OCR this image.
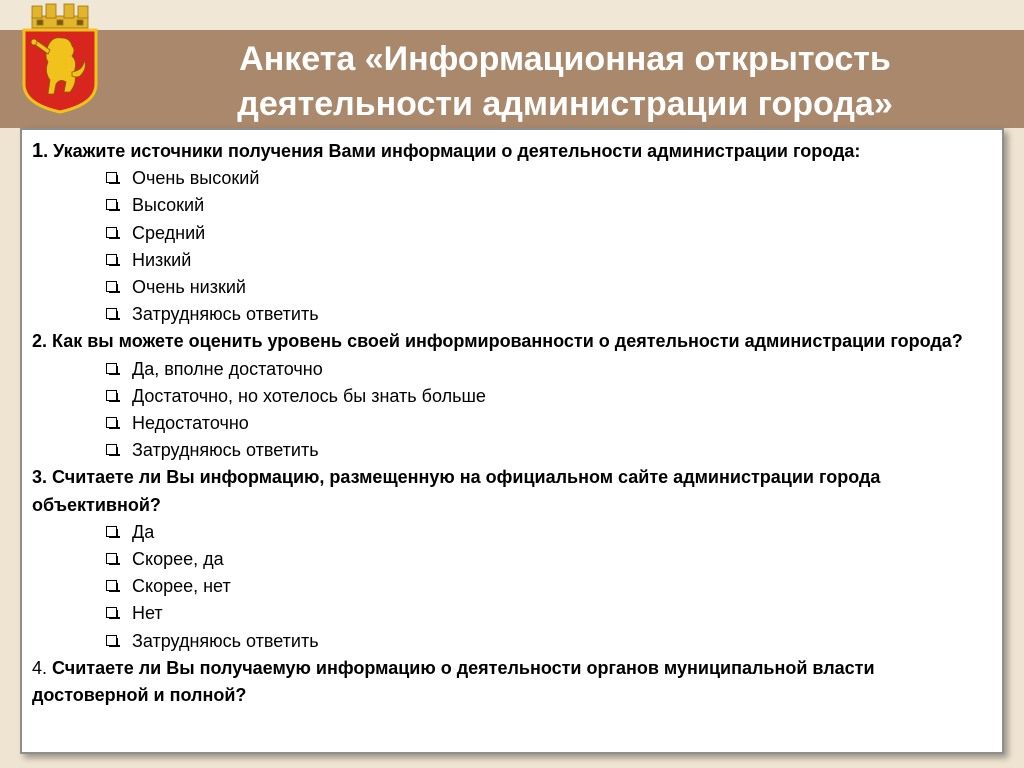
Анкета «Информационная открытость
деятельности администрации города»

1. Укажите источники получения Вами информации о деятельности администрации города:

Очень высокий
Высокий
Средний
Низкий
Очень низкий
Затрудняюсь ответить

2. Как вы можете оценить уровень своей информированности о деятельности администрации города?

Да, вполне достаточно
Достаточно, но хотелось бы знать больше
Недостаточно
Затрудняюсь ответить

3. Считаете ли Вы информацию, размещенную на официальном сайте администрации города объективной?

Да
Скорее, да
Скорее, нет
Нет
Затрудняюсь ответить

4. Считаете ли Вы получаемую информацию о деятельности органов муниципальной власти достоверной и полной?
